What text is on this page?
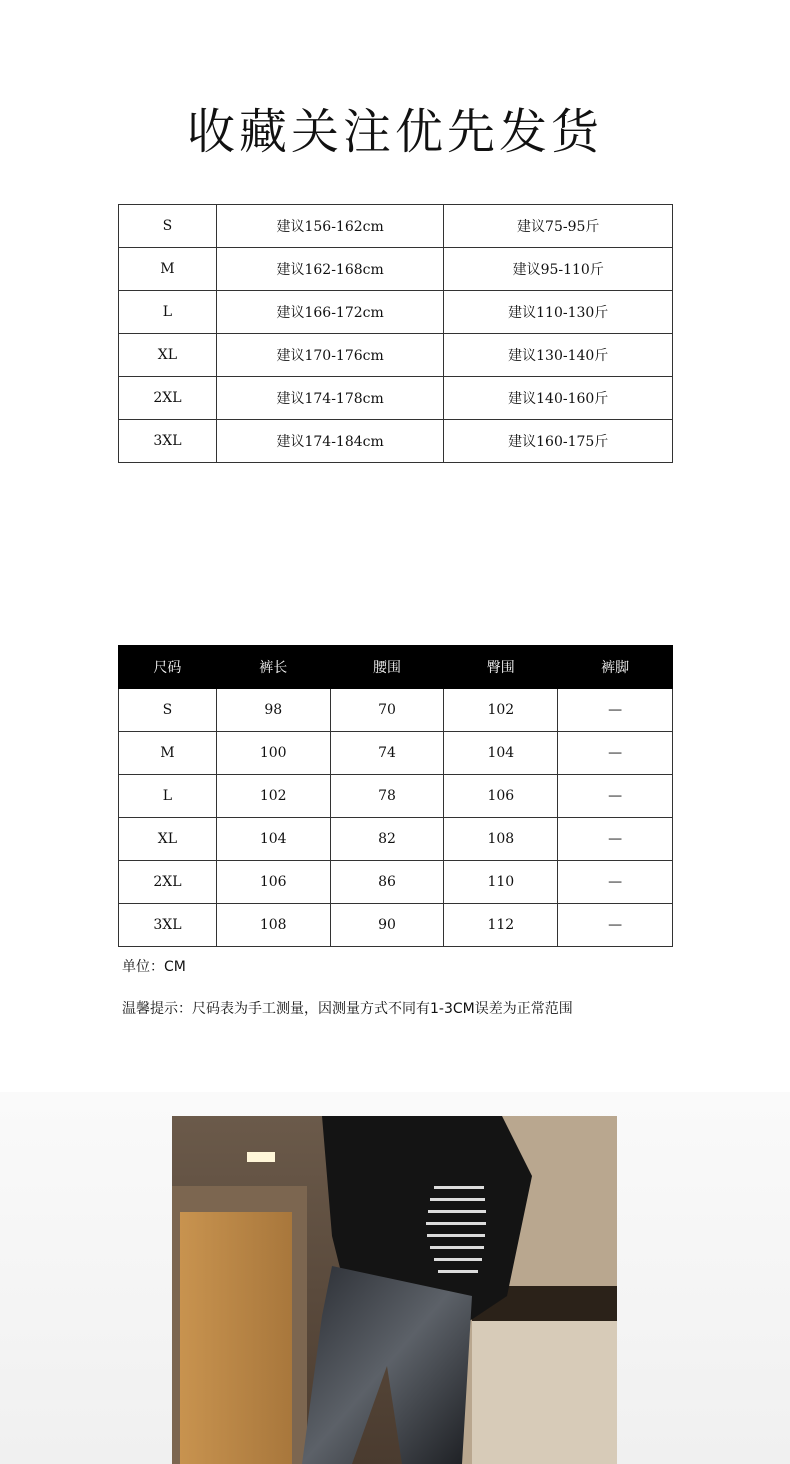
收藏关注优先发货
S	建议156-162cm	建议75-95斤
M	建议162-168cm	建议95-110斤
L	建议166-172cm	建议110-130斤
XL	建议170-176cm	建议130-140斤
2XL	建议174-178cm	建议140-160斤
3XL	建议174-184cm	建议160-175斤
尺码	裤长	腰围	臀围	裤脚
S	98	70	102	—
M	100	74	104	—
L	102	78	106	—
XL	104	82	108	—
2XL	106	86	110	—
3XL	108	90	112	—
单位：CM
温馨提示：尺码表为手工测量，因测量方式不同有1-3CM误差为正常范围
